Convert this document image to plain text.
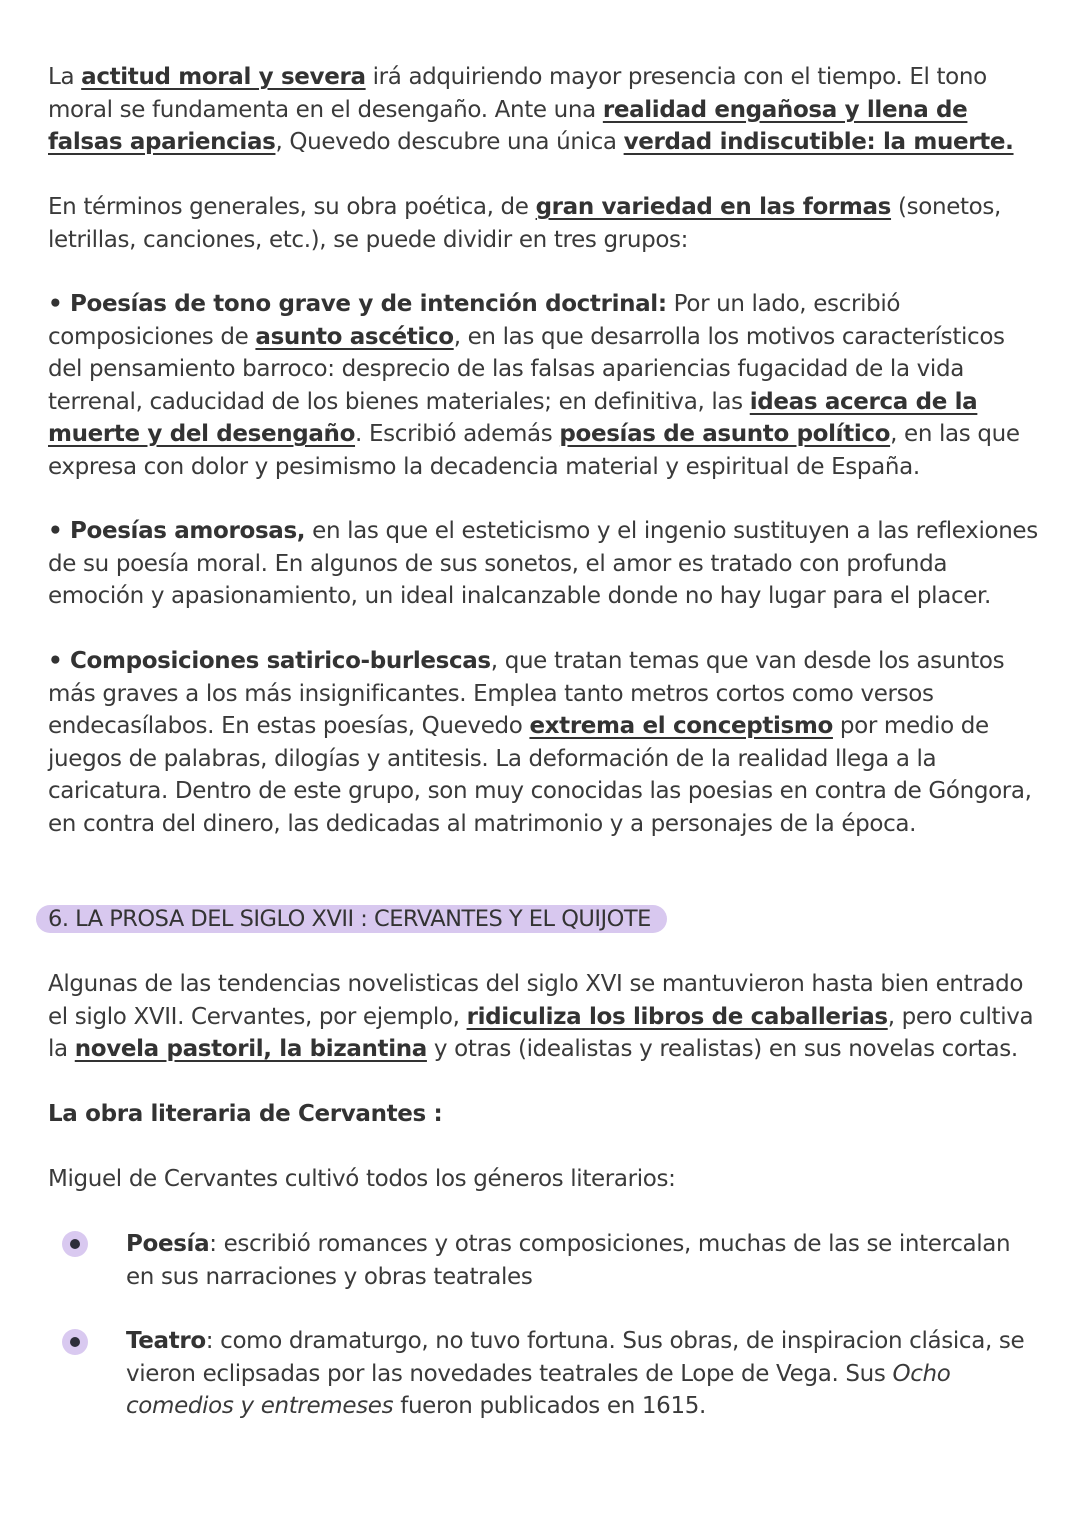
La actitud moral y severa irá adquiriendo mayor presencia con el tiempo. El tono moral se fundamenta en el desengaño. Ante una realidad engañosa y llena de falsas apariencias, Quevedo descubre una única verdad indiscutible: la muerte.

En términos generales, su obra poética, de gran variedad en las formas (sonetos, letrillas, canciones, etc.), se puede dividir en tres grupos:

• Poesías de tono grave y de intención doctrinal: Por un lado, escribió composiciones de asunto ascético, en las que desarrolla los motivos característicos del pensamiento barroco: desprecio de las falsas apariencias fugacidad de la vida terrenal, caducidad de los bienes materiales; en definitiva, las ideas acerca de la muerte y del desengaño. Escribió además poesías de asunto político, en las que expresa con dolor y pesimismo la decadencia material y espiritual de España.

• Poesías amorosas, en las que el esteticismo y el ingenio sustituyen a las reflexiones de su poesía moral. En algunos de sus sonetos, el amor es tratado con profunda emoción y apasionamiento, un ideal inalcanzable donde no hay lugar para el placer.

• Composiciones satirico-burlescas, que tratan temas que van desde los asuntos más graves a los más insignificantes. Emplea tanto metros cortos como versos endecasílabos. En estas poesías, Quevedo extrema el conceptismo por medio de juegos de palabras, dilogías y antitesis. La deformación de la realidad llega a la caricatura. Dentro de este grupo, son muy conocidas las poesias en contra de Góngora, en contra del dinero, las dedicadas al matrimonio y a personajes de la época.

6. LA PROSA DEL SIGLO XVII : CERVANTES Y EL QUIJOTE

Algunas de las tendencias novelisticas del siglo XVI se mantuvieron hasta bien entrado el siglo XVII. Cervantes, por ejemplo, ridiculiza los libros de caballerias, pero cultiva la novela pastoril, la bizantina y otras (idealistas y realistas) en sus novelas cortas.

La obra literaria de Cervantes :

Miguel de Cervantes cultivó todos los géneros literarios:

Poesía: escribió romances y otras composiciones, muchas de las se intercalan en sus narraciones y obras teatrales

Teatro: como dramaturgo, no tuvo fortuna. Sus obras, de inspiracion clásica, se vieron eclipsadas por las novedades teatrales de Lope de Vega. Sus Ocho comedios y entremeses fueron publicados en 1615.
